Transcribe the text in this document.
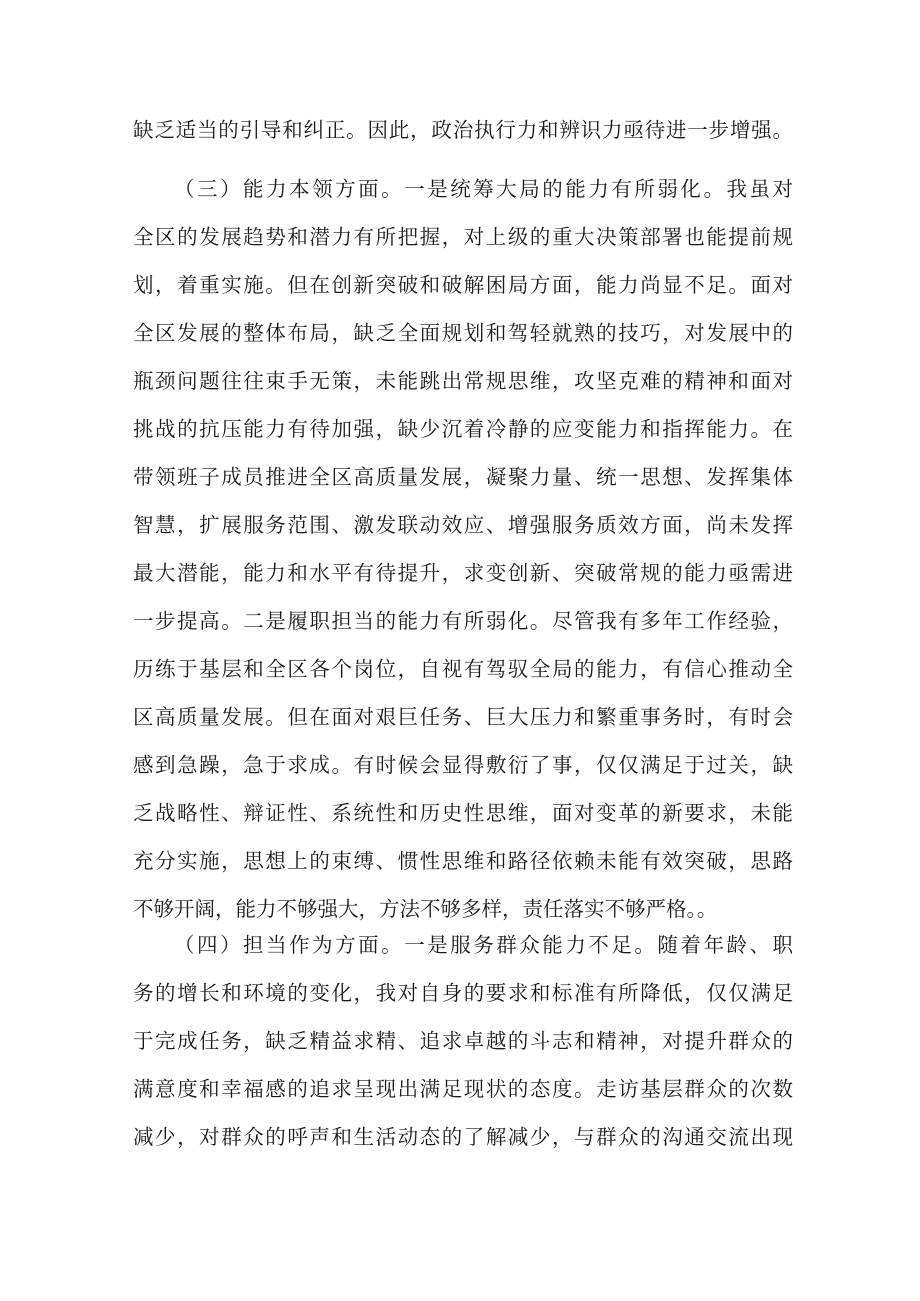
缺乏适当的引导和纠正。因此，政治执行力和辨识力亟待进一步增强。
（三）能力本领方面。一是统筹大局的能力有所弱化。我虽对
全区的发展趋势和潜力有所把握，对上级的重大决策部署也能提前规
划，着重实施。但在创新突破和破解困局方面，能力尚显不足。面对
全区发展的整体布局，缺乏全面规划和驾轻就熟的技巧，对发展中的
瓶颈问题往往束手无策，未能跳出常规思维，攻坚克难的精神和面对
挑战的抗压能力有待加强，缺少沉着冷静的应变能力和指挥能力。在
带领班子成员推进全区高质量发展，凝聚力量、统一思想、发挥集体
智慧，扩展服务范围、激发联动效应、增强服务质效方面，尚未发挥
最大潜能，能力和水平有待提升，求变创新、突破常规的能力亟需进
一步提高。二是履职担当的能力有所弱化。尽管我有多年工作经验，
历练于基层和全区各个岗位，自视有驾驭全局的能力，有信心推动全
区高质量发展。但在面对艰巨任务、巨大压力和繁重事务时，有时会
感到急躁，急于求成。有时候会显得敷衍了事，仅仅满足于过关，缺
乏战略性、辩证性、系统性和历史性思维，面对变革的新要求，未能
充分实施，思想上的束缚、惯性思维和路径依赖未能有效突破，思路
不够开阔，能力不够强大，方法不够多样，责任落实不够严格。。
（四）担当作为方面。一是服务群众能力不足。随着年龄、职
务的增长和环境的变化，我对自身的要求和标准有所降低，仅仅满足
于完成任务，缺乏精益求精、追求卓越的斗志和精神，对提升群众的
满意度和幸福感的追求呈现出满足现状的态度。走访基层群众的次数
减少，对群众的呼声和生活动态的了解减少，与群众的沟通交流出现
